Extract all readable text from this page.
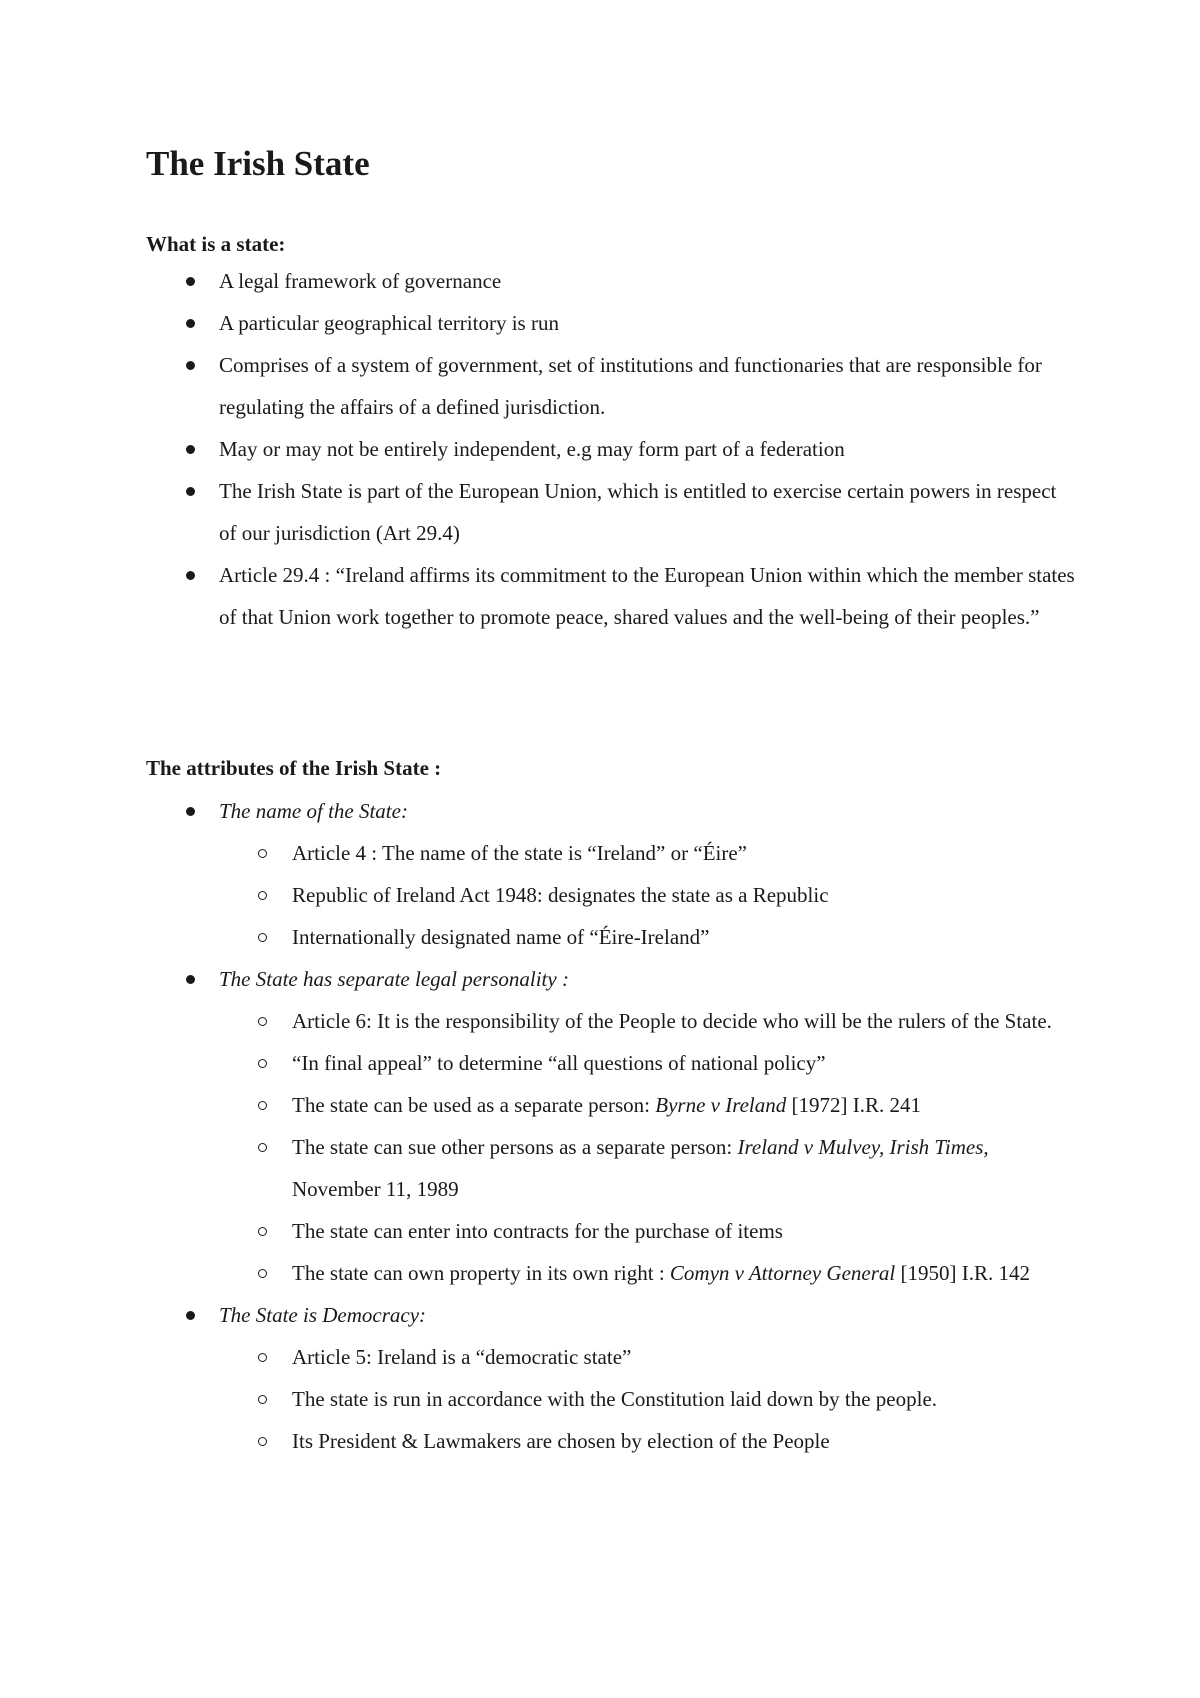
The Irish State
What is a state:
A legal framework of governance
A particular geographical territory is run
Comprises of a system of government, set of institutions and functionaries that are responsible for regulating the affairs of a defined jurisdiction.
May or may not be entirely independent, e.g may form part of a federation
The Irish State is part of the European Union, which is entitled to exercise certain powers in respect of our jurisdiction (Art 29.4)
Article 29.4 : “Ireland affirms its commitment to the European Union within which the member states of that Union work together to promote peace, shared values and the well-being of their peoples.”
The attributes of the Irish State :
The name of the State:
Article 4 : The name of the state is “Ireland” or “Éire”
Republic of Ireland Act 1948: designates the state as a Republic
Internationally designated name of “Éire-Ireland”
The State has separate legal personality :
Article 6: It is the responsibility of the People to decide who will be the rulers of the State.
“In final appeal” to determine “all questions of national policy”
The state can be used as a separate person: Byrne v Ireland [1972] I.R. 241
The state can sue other persons as a separate person: Ireland v Mulvey, Irish Times, November 11, 1989
The state can enter into contracts for the purchase of items
The state can own property in its own right : Comyn v Attorney General [1950] I.R. 142
The State is Democracy:
Article 5: Ireland is a “democratic state”
The state is run in accordance with the Constitution laid down by the people.
Its President & Lawmakers are chosen by election of the People
